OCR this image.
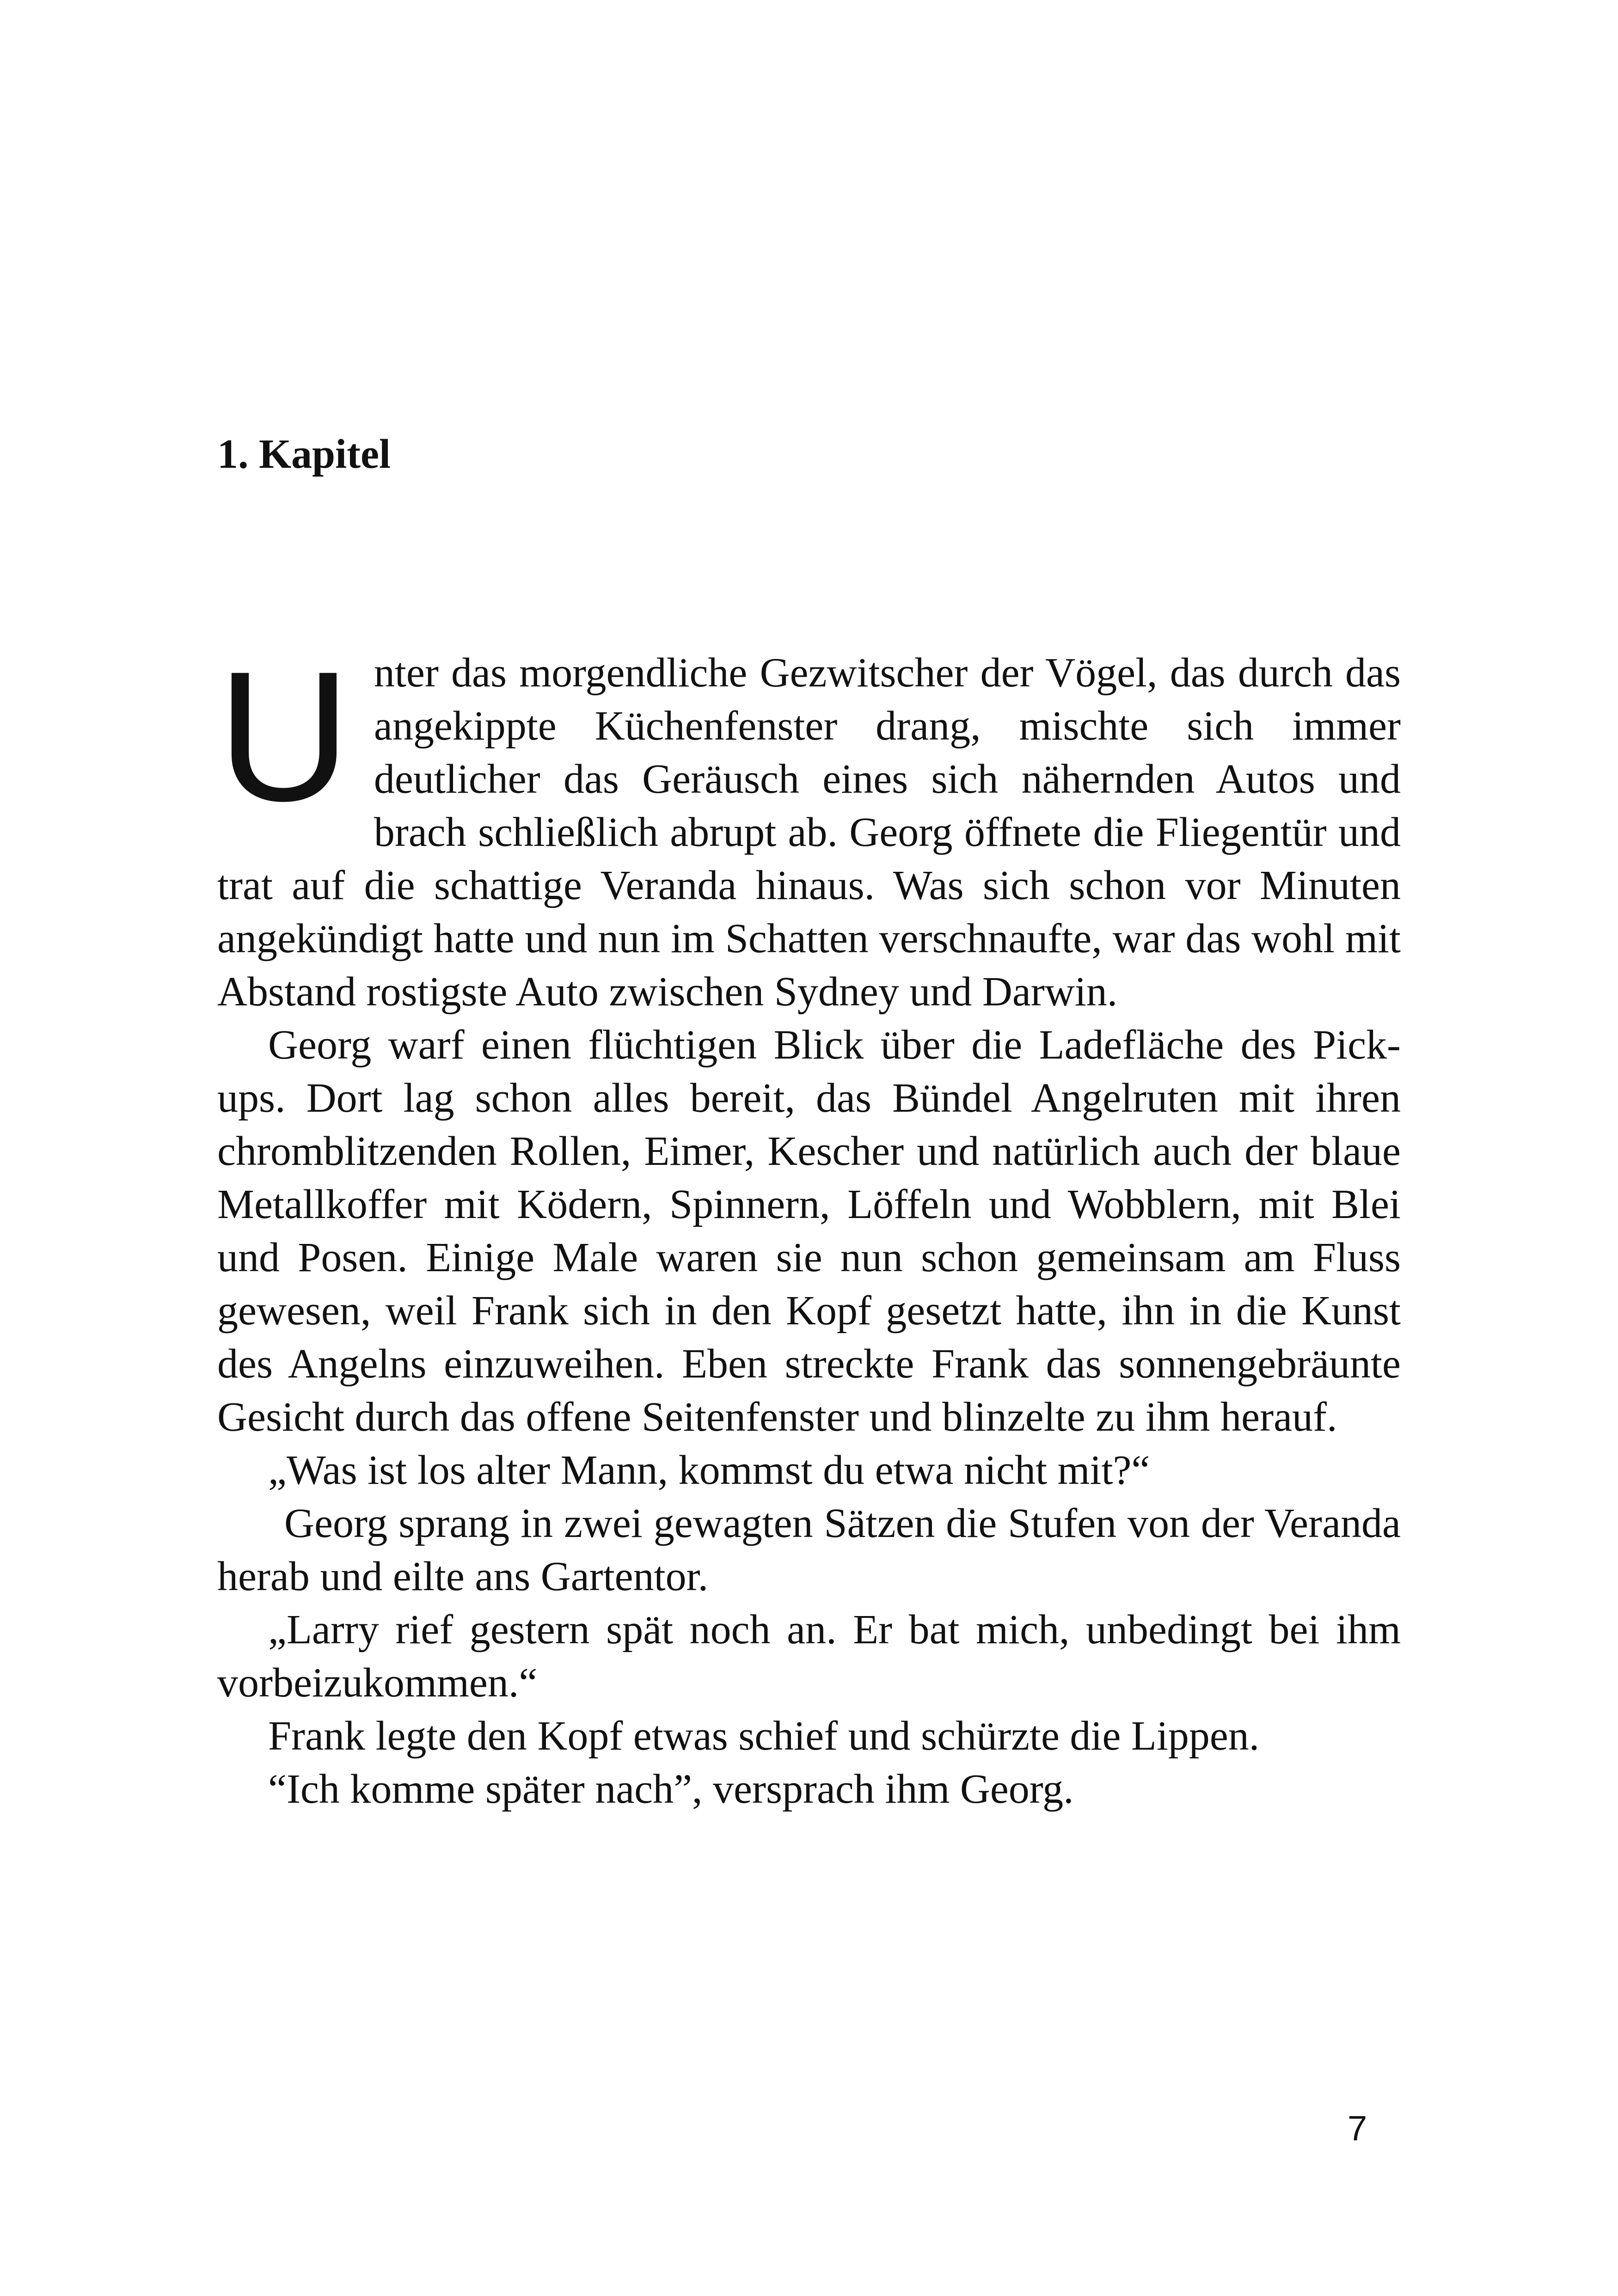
1. Kapitel

Unter das morgendliche Gezwitscher der Vögel, das durch das angekippte Küchenfenster drang, mischte sich immer deutlicher das Geräusch eines sich nähernden Autos und brach schließlich abrupt ab. Georg öffnete die Fliegentür und trat auf die schattige Veranda hinaus. Was sich schon vor Minuten angekündigt hatte und nun im Schatten verschnaufte, war das wohl mit Abstand rostigste Auto zwischen Sydney und Darwin.

Georg warf einen flüchtigen Blick über die Ladefläche des Pick-ups. Dort lag schon alles bereit, das Bündel Angelruten mit ihren chromblitzenden Rollen, Eimer, Kescher und natürlich auch der blaue Metallkoffer mit Ködern, Spinnern, Löffeln und Wobblern, mit Blei und Posen. Einige Male waren sie nun schon gemeinsam am Fluss gewesen, weil Frank sich in den Kopf gesetzt hatte, ihn in die Kunst des Angelns einzuweihen. Eben streckte Frank das sonnengebräunte Gesicht durch das offene Seitenfenster und blinzelte zu ihm herauf.

„Was ist los alter Mann, kommst du etwa nicht mit?“

Georg sprang in zwei gewagten Sätzen die Stufen von der Veranda herab und eilte ans Gartentor.

„Larry rief gestern spät noch an. Er bat mich, unbedingt bei ihm vorbeizukommen.“

Frank legte den Kopf etwas schief und schürzte die Lippen.

“Ich komme später nach”, versprach ihm Georg.

7
